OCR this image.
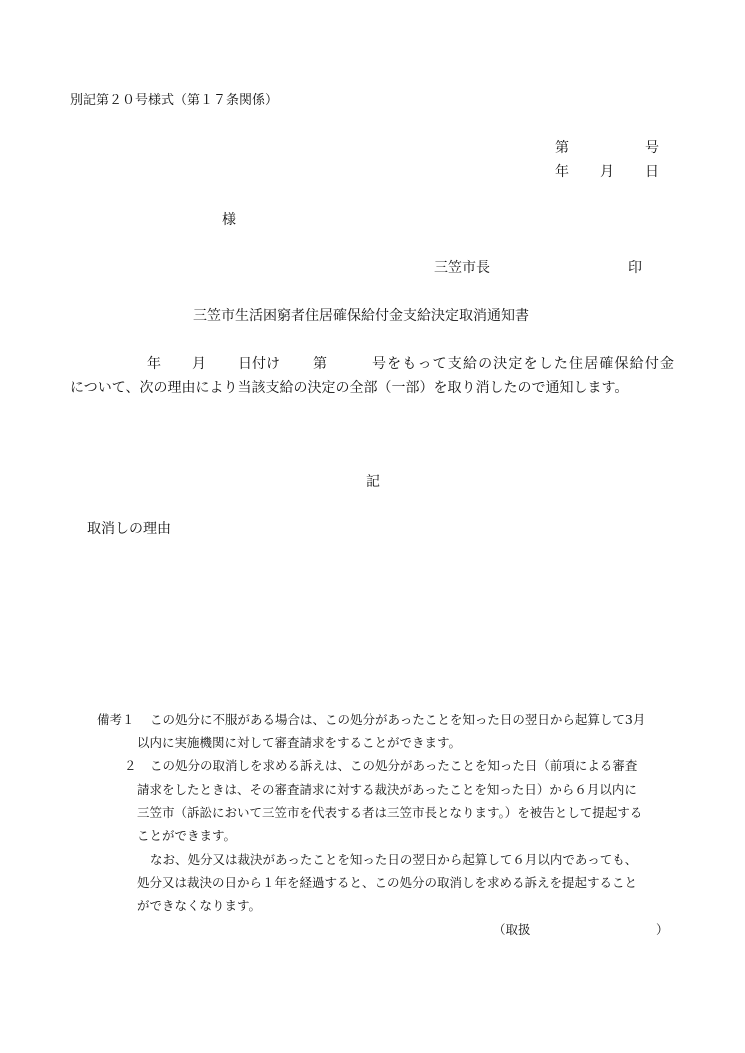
別記第２０号様式（第１７条関係）
第	号
年 月 日
様
三笠市長	印
三笠市生活困窮者住居確保給付金支給決定取消通知書
年 月 日付け 第	号をもって支給の決定をした住居確保給付金
について、次の理由により当該支給の決定の全部（一部）を取り消したので通知します。
記
取消しの理由
備考１ この処分に不服がある場合は、この処分があったことを知った日の翌日から起算して3月
以内に実施機関に対して審査請求をすることができます。
２ この処分の取消しを求める訴えは、この処分があったことを知った日（前項による審査
請求をしたときは、その審査請求に対する裁決があったことを知った日）から６月以内に
三笠市（訴訟において三笠市を代表する者は三笠市長となります。）を被告として提起する
ことができます。
なお、処分又は裁決があったことを知った日の翌日から起算して６月以内であっても、
処分又は裁決の日から１年を経過すると、この処分の取消しを求める訴えを提起すること
ができなくなります。
（取扱	）
